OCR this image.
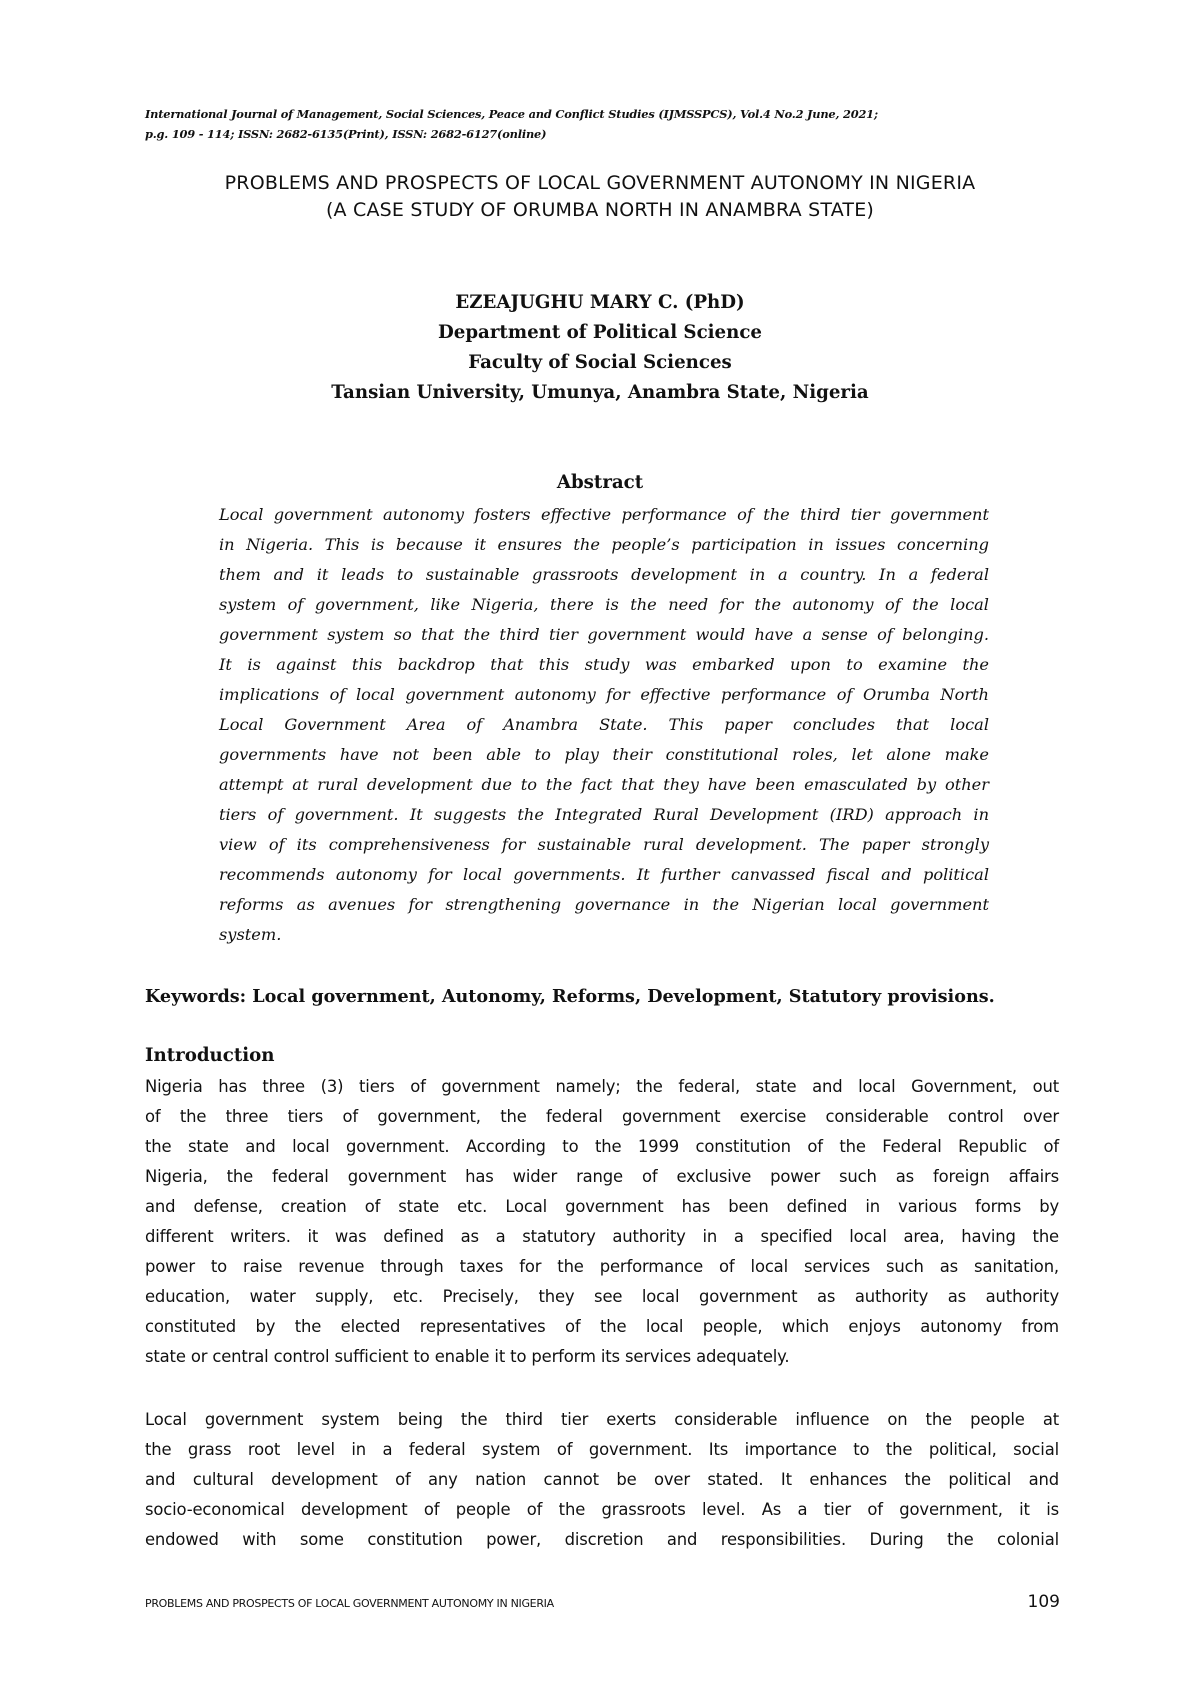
International Journal of Management, Social Sciences, Peace and Conflict Studies (IJMSSPCS), Vol.4 No.2 June, 2021;
p.g. 109 - 114; ISSN: 2682-6135(Print), ISSN: 2682-6127(online)
PROBLEMS AND PROSPECTS OF LOCAL GOVERNMENT AUTONOMY IN NIGERIA
(A CASE STUDY OF ORUMBA NORTH IN ANAMBRA STATE)
EZEAJUGHU MARY C. (PhD)
Department of Political Science
Faculty of Social Sciences
Tansian University, Umunya, Anambra State, Nigeria
Abstract
Local government autonomy fosters effective performance of the third tier government
in Nigeria. This is because it ensures the people’s participation in issues concerning
them and it leads to sustainable grassroots development in a country. In a federal
system of government, like Nigeria, there is the need for the autonomy of the local
government system so that the third tier government would have a sense of belonging.
It is against this backdrop that this study was embarked upon to examine the
implications of local government autonomy for effective performance of Orumba North
Local Government Area of Anambra State. This paper concludes that local
governments have not been able to play their constitutional roles, let alone make
attempt at rural development due to the fact that they have been emasculated by other
tiers of government. It suggests the Integrated Rural Development (IRD) approach in
view of its comprehensiveness for sustainable rural development. The paper strongly
recommends autonomy for local governments. It further canvassed fiscal and political
reforms as avenues for strengthening governance in the Nigerian local government
system.
Keywords: Local government, Autonomy, Reforms, Development, Statutory provisions.
Introduction
Nigeria has three (3) tiers of government namely; the federal, state and local Government, out
of the three tiers of government, the federal government exercise considerable control over
the state and local government. According to the 1999 constitution of the Federal Republic of
Nigeria, the federal government has wider range of exclusive power such as foreign affairs
and defense, creation of state etc. Local government has been defined in various forms by
different writers. it was defined as a statutory authority in a specified local area, having the
power to raise revenue through taxes for the performance of local services such as sanitation,
education, water supply, etc. Precisely, they see local government as authority as authority
constituted by the elected representatives of the local people, which enjoys autonomy from
state or central control sufficient to enable it to perform its services adequately.
Local government system being the third tier exerts considerable influence on the people at
the grass root level in a federal system of government. Its importance to the political, social
and cultural development of any nation cannot be over stated. It enhances the political and
socio-economical development of people of the grassroots level. As a tier of government, it is
endowed with some constitution power, discretion and responsibilities. During the colonial
PROBLEMS AND PROSPECTS OF LOCAL GOVERNMENT AUTONOMY IN NIGERIA	109
